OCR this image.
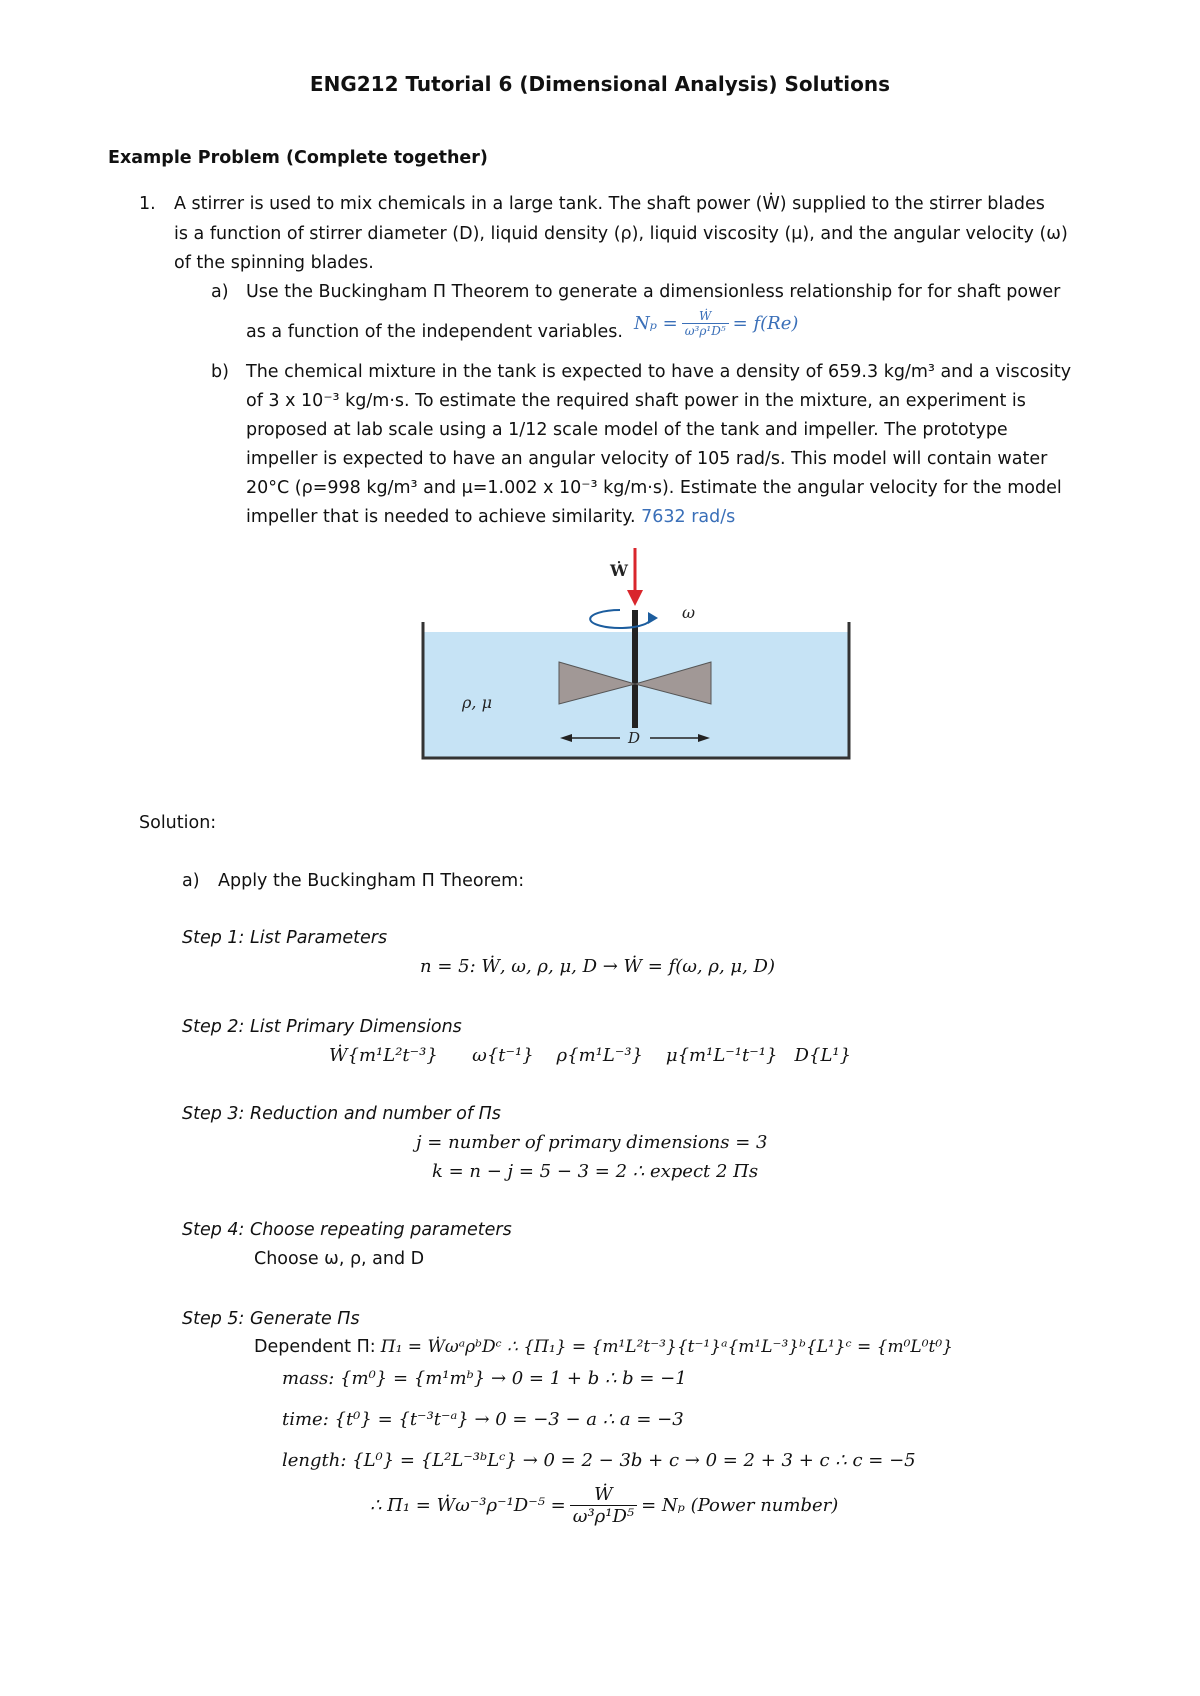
ENG212 Tutorial 6 (Dimensional Analysis) Solutions
Example Problem (Complete together)
1. A stirrer is used to mix chemicals in a large tank. The shaft power (Ẇ) supplied to the stirrer blades
is a function of stirrer diameter (D), liquid density (ρ), liquid viscosity (μ), and the angular velocity (ω)
of the spinning blades.
a) Use the Buckingham Π Theorem to generate a dimensionless relationship for for shaft power
as a function of the independent variables. $N_p = \frac{\text{Ẇ}}{\text{ω³ρ¹D⁵}} = f(Re)$
b) The chemical mixture in the tank is expected to have a density of 659.3 kg/m³ and a viscosity
of 3 x 10⁻³ kg/m·s. To estimate the required shaft power in the mixture, an experiment is
proposed at lab scale using a 1/12 scale model of the tank and impeller. The prototype
impeller is expected to have an angular velocity of 105 rad/s. This model will contain water
20°C (ρ=998 kg/m³ and μ=1.002 x 10⁻³ kg/m·s). Estimate the angular velocity for the model
impeller that is needed to achieve similarity. 7632 rad/s
Ẇ
ω
ρ, μ
D
Solution:
a) Apply the Buckingham Π Theorem:
Step 1: List Parameters
n = 5: Ẇ, ω, ρ, μ, D → Ẇ = f(ω, ρ, μ, D)
Step 2: List Primary Dimensions
Ẇ{m¹L²t⁻³}      ω{t⁻¹}    ρ{m¹L⁻³}    μ{m¹L⁻¹t⁻¹}   D{L¹}
Step 3: Reduction and number of Πs
j = number of primary dimensions = 3
k = n − j = 5 − 3 = 2 ∴ expect 2 Πs
Step 4: Choose repeating parameters
Choose ω, ρ, and D
Step 5: Generate Πs
Dependent Π: Π₁ = ẆωᵃρᵇDᶜ ∴ {Π₁} = {m¹L²t⁻³}{t⁻¹}ᵃ{m¹L⁻³}ᵇ{L¹}ᶜ = {m⁰L⁰t⁰}
mass: {m⁰} = {m¹mᵇ} → 0 = 1 + b ∴ b = −1
time: {t⁰} = {t⁻³t⁻ᵃ} → 0 = −3 − a ∴ a = −3
length: {L⁰} = {L²L⁻³ᵇLᶜ} → 0 = 2 − 3b + c → 0 = 2 + 3 + c ∴ c = −5
∴ Π₁ = Ẇω⁻³ρ⁻¹D⁻⁵ = $\frac{\text{Ẇ}}{\text{ω³ρ¹D⁵}} = N_p$ (Power number)
